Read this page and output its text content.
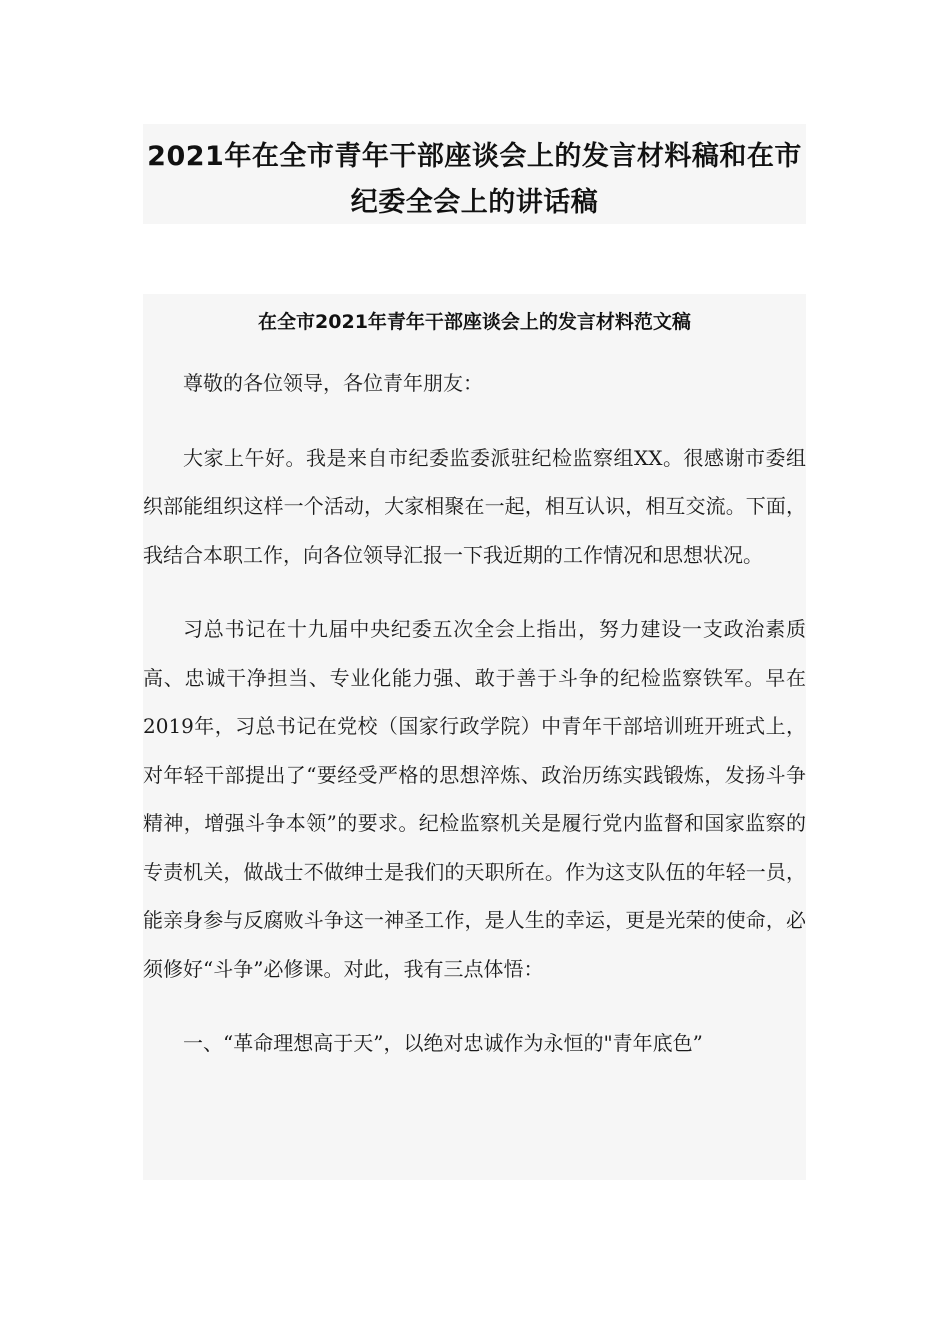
2021年在全市青年干部座谈会上的发言材料稿和在市纪委全会上的讲话稿
在全市2021年青年干部座谈会上的发言材料范文稿

尊敬的各位领导，各位青年朋友：

大家上午好。我是来自市纪委监委派驻纪检监察组XX。很感谢市委组织部能组织这样一个活动，大家相聚在一起，相互认识，相互交流。下面，我结合本职工作，向各位领导汇报一下我近期的工作情况和思想状况。

习总书记在十九届中央纪委五次全会上指出，努力建设一支政治素质高、忠诚干净担当、专业化能力强、敢于善于斗争的纪检监察铁军。早在2019年，习总书记在党校（国家行政学院）中青年干部培训班开班式上，对年轻干部提出了“要经受严格的思想淬炼、政治历练实践锻炼，发扬斗争精神，增强斗争本领”的要求。纪检监察机关是履行党内监督和国家监察的专责机关，做战士不做绅士是我们的天职所在。作为这支队伍的年轻一员，能亲身参与反腐败斗争这一神圣工作，是人生的幸运，更是光荣的使命，必须修好“斗争”必修课。对此，我有三点体悟：

一、“革命理想高于天”，以绝对忠诚作为永恒的"青年底色”
